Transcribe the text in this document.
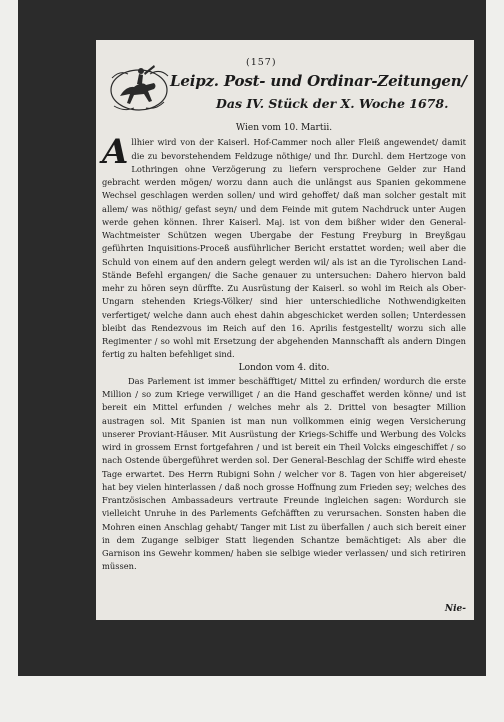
(157)
Leipz. Post- und Ordinar-Zeitungen/
Das IV. Stück der X. Woche 1678.
Wien vom 10. Martii.

Allhier wird von der Kaiserl. Hof-Cammer noch aller Fleiß angewendet/ damit die zu bevorstehendem Feldzuge nöthige/ und Ihr. Durchl. dem Hertzoge von Lothringen ohne Verzögerung zu liefern versprochene Gelder zur Hand gebracht werden mögen/ worzu dann auch die unlängst aus Spanien gekommene Wechsel geschlagen werden sollen/ und wird gehoffet/ daß man solcher gestalt mit allem/ was nöthig/ gefast seyn/ und dem Feinde mit gutem Nachdruck unter Augen werde gehen können. Ihrer Kaiserl. Maj. ist von dem bißher wider den General-Wachtmeister Schützen wegen Ubergabe der Festung Freyburg in Breyßgau geführten Inquisitions-Proceß ausführlicher Bericht erstattet worden; weil aber die Schuld von einem auf den andern gelegt werden wil/ als ist an die Tyrolischen Land-Stände Befehl ergangen/ die Sache genauer zu untersuchen: Dahero hiervon bald mehr zu hören seyn dürffte. Zu Ausrüstung der Kaiserl. so wohl im Reich als Ober-Ungarn stehenden Kriegs-Völker/ sind hier unterschiedliche Nothwendigkeiten verfertiget/ welche dann auch ehest dahin abgeschicket werden sollen; Unterdessen bleibt das Rendezvous im Reich auf den 16. Aprilis festgestellt/ worzu sich alle Regimenter / so wohl mit Ersetzung der abgehenden Mannschafft als andern Dingen fertig zu halten befehliget sind.

London vom 4. dito.

Das Parlement ist immer beschäfftiget/ Mittel zu erfinden/ wordurch die erste Million / so zum Kriege verwilliget / an die Hand geschaffet werden könne/ und ist bereit ein Mittel erfunden / welches mehr als 2. Drittel von besagter Million austragen sol. Mit Spanien ist man nun vollkommen einig wegen Versicherung unserer Proviant-Häuser. Mit Ausrüstung der Kriegs-Schiffe und Werbung des Volcks wird in grossem Ernst fortgefahren / und ist bereit ein Theil Volcks eingeschiffet / so nach Ostende übergeführet werden sol. Der General-Beschlag der Schiffe wird eheste Tage erwartet. Des Herrn Rubigni Sohn / welcher vor 8. Tagen von hier abgereiset/ hat bey vielen hinterlassen / daß noch grosse Hoffnung zum Frieden sey; welches des Frantzösischen Ambassadeurs vertraute Freunde ingleichen sagen: Wordurch sie vielleicht Unruhe in des Parlements Gefchäfften zu verursachen. Sonsten haben die Mohren einen Anschlag gehabt/ Tanger mit List zu überfallen / auch sich bereit einer in dem Zugange selbiger Statt liegenden Schantze bemächtiget: Als aber die Garnison ins Gewehr kommen/ haben sie selbige wieder verlassen/ und sich retiriren müssen.

Nie-
